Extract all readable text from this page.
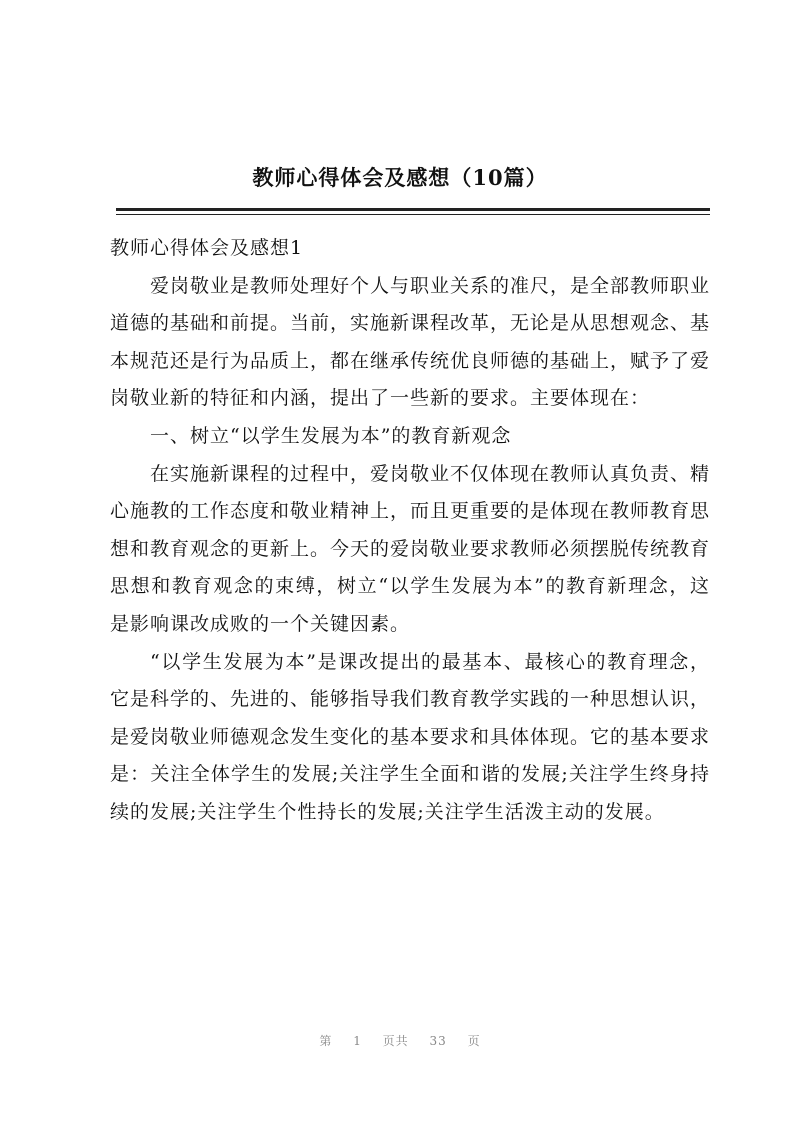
教师心得体会及感想（10篇）

教师心得体会及感想1

爱岗敬业是教师处理好个人与职业关系的准尺，是全部教师职业道德的基础和前提。当前，实施新课程改革，无论是从思想观念、基本规范还是行为品质上，都在继承传统优良师德的基础上，赋予了爱岗敬业新的特征和内涵，提出了一些新的要求。主要体现在：

一、树立“以学生发展为本”的教育新观念

在实施新课程的过程中，爱岗敬业不仅体现在教师认真负责、精心施教的工作态度和敬业精神上，而且更重要的是体现在教师教育思想和教育观念的更新上。今天的爱岗敬业要求教师必须摆脱传统教育思想和教育观念的束缚，树立“以学生发展为本”的教育新理念，这是影响课改成败的一个关键因素。

“以学生发展为本”是课改提出的最基本、最核心的教育理念，它是科学的、先进的、能够指导我们教育教学实践的一种思想认识，是爱岗敬业师德观念发生变化的基本要求和具体体现。它的基本要求是：关注全体学生的发展;关注学生全面和谐的发展;关注学生终身持续的发展;关注学生个性持长的发展;关注学生活泼主动的发展。

第 1 页共 33 页
